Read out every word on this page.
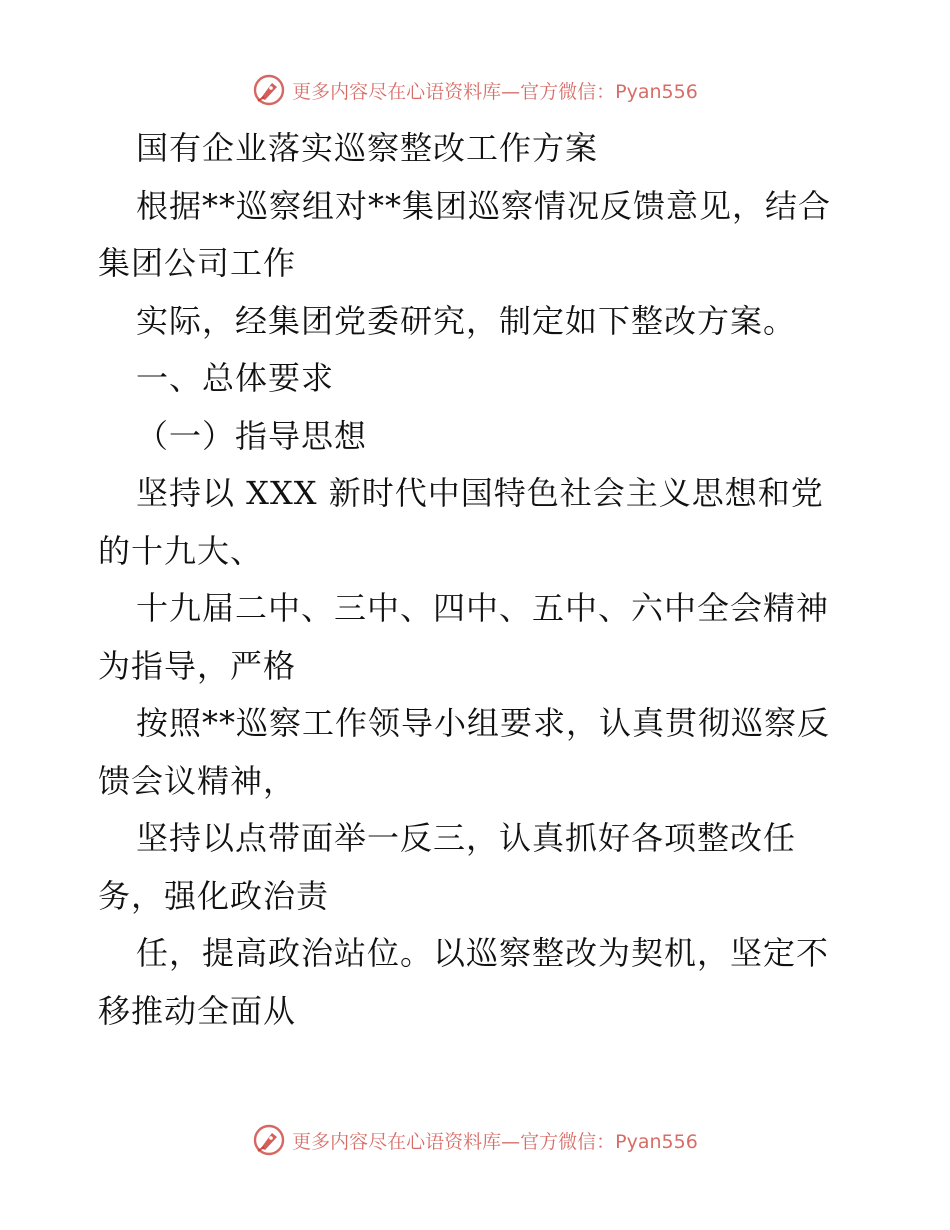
更多内容尽在心语资料库—官方微信：Pyan556
国有企业落实巡察整改工作方案
根据**巡察组对**集团巡察情况反馈意见，结合
集团公司工作
实际，经集团党委研究，制定如下整改方案。
一、总体要求
（一）指导思想
坚持以 XXX 新时代中国特色社会主义思想和党
的十九大、
十九届二中、三中、四中、五中、六中全会精神
为指导，严格
按照**巡察工作领导小组要求，认真贯彻巡察反
馈会议精神，
坚持以点带面举一反三，认真抓好各项整改任
务，强化政治责
任，提高政治站位。以巡察整改为契机，坚定不
移推动全面从
更多内容尽在心语资料库—官方微信：Pyan556
